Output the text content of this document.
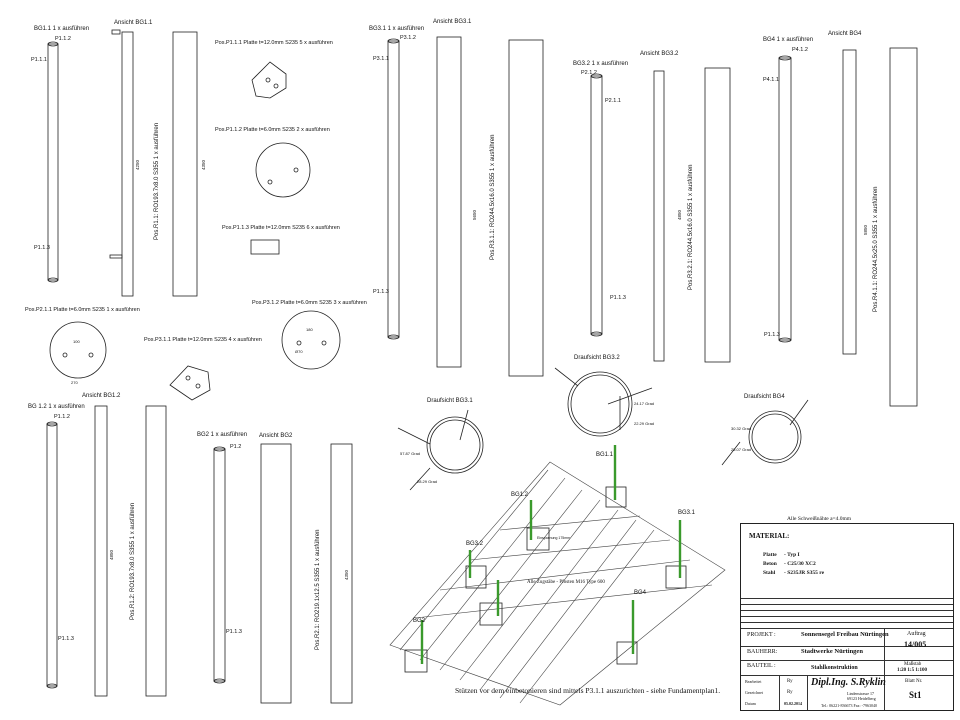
BG1.1 1 x ausführen
Ansicht BG1.1
P1.1.2
P1.1.1
P1.1.3
Pos.R1.1: RO193.7x8.0 S355 1 x ausführen
4250	4350
BG 1.2 1 x ausführen
Ansicht BG1.2
P1.1.2
P1.1.3
Pos.R1.2: RO193.7x8.0 S355 1 x ausführen
4850
BG2 1 x ausführen Ansicht BG2
P1.2
P1.1.3	Pos.R2.1: RO219.1x12.5 S355 1 x ausführen	4350
BG3.1 1 x ausführen
Ansicht BG3.1
P3.1.2
P3.1.1
P1.1.3
Pos.R3.1.1: RO244.5x16.0 S355 1 x ausführen
5650
BG3.2 1 x ausführen
Ansicht BG3.2
P2.1.2
P2.1.1
P1.1.3
Pos.R3.2.1: RO244.5x16.0 S355 1 x ausführen
4850
BG4 1 x ausführen
Ansicht BG4
P4.1.2
P4.1.1
P1.1.3
Pos.R4.1.1: RO244.5x25.0 S355 1 x ausführen
5850
Pos.P1.1.1 Platte t=12.0mm S235 5 x ausführen
Pos.P1.1.2 Platte t=6.0mm S235 2 x ausführen
Pos.P1.1.3 Platte t=12.0mm S235 6 x ausführen
Pos.P2.1.1 Platte t=6.0mm S235 1 x ausführen
Pos.P3.1.1 Platte t=12.0mm S235 4 x ausführen
Pos.P3.1.2 Platte t=6.0mm S235 3 x ausführen
100
270
180
Ø70
Draufsicht BG3.1
57.87 Grad
28.29 Grad
Draufsicht BG3.2
24.17 Grad
22.29 Grad
Draufsicht BG4
30.32 Grad
25.07 Grad
BG1.1
BG1.2
BG3.1
BG3.2
BG2
BG4
Alle Zugstäbe - Pfosten M16 Type 600
Einspannung 175mm
Alle Schweißnähte a=4.0mm
Stützen vor dem einbetonieren sind mittels P3.1.1 auszurichten - siehe Fundamentplan1.
MATERIAL:
Platte - Typ I
Beton - C25/30 XC2
Stahl - S235JR S355 re
PROJEKT :	Sonnensegel Freibau Nürtingen
BAUHERR:	Stadtwerke Nürtingen
BAUTEIL :	Stahlkonstruktion
Auftrag
14/005
Maßstab
1:20 1:5 1:100
Blatt Nr.
St1
Bearbeitet	Ry
Gezeichnet	Ry
Datum	05.02.2014
Dipl.Ing. S.Ryklin
Lindenstrasse 17
69123 Heidelberg
Tel.: 06221-836673 Fax: -7963040
